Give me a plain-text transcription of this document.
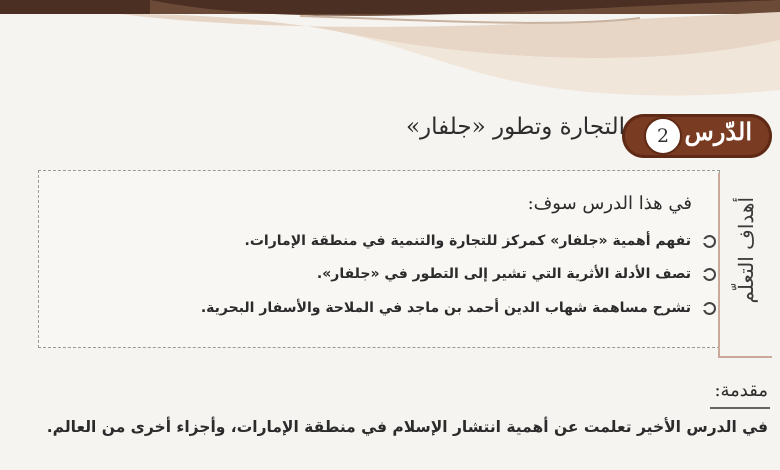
الدّرس
2
التجارة وتطور «جلفار»
أهداف التعلّم
في هذا الدرس سوف:
تفهم أهمية «جلفار» كمركز للتجارة والتنمية في منطقة الإمارات.
تصف الأدلة الأثرية التي تشير إلى التطور في «جلفار».
تشرح مساهمة شهاب الدين أحمد بن ماجد في الملاحة والأسفار البحرية.
مقدمة:
في الدرس الأخير تعلمت عن أهمية انتشار الإسلام في منطقة الإمارات، وأجزاء أخرى من العالم.
